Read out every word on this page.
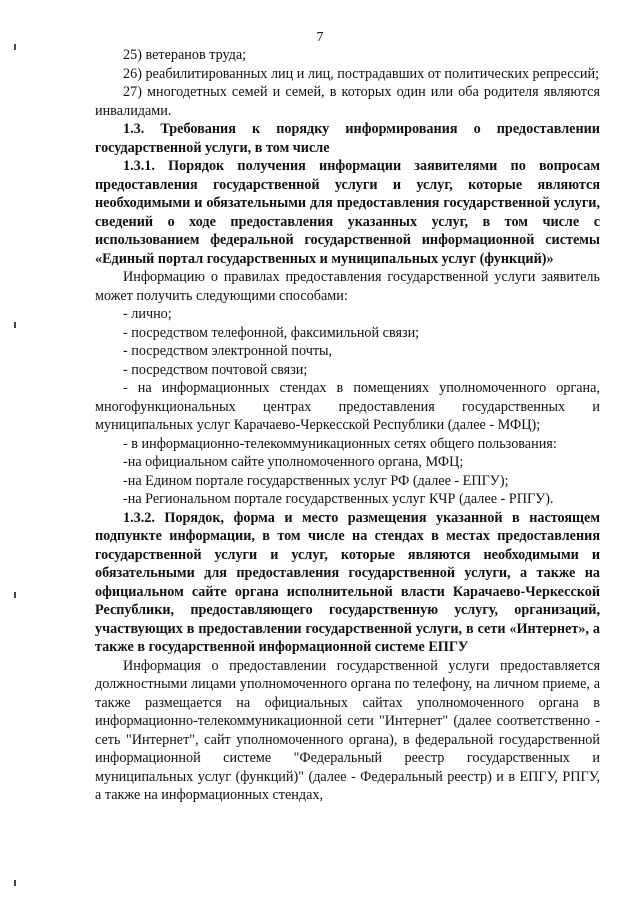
7

25) ветеранов труда;

26) реабилитированных лиц и лиц, пострадавших от политических репрессий;

27) многодетных семей и семей, в которых один или оба родителя являются инвалидами.

1.3. Требования к порядку информирования о предоставлении государственной услуги, в том числе

1.3.1. Порядок получения информации заявителями по вопросам предоставления государственной услуги и услуг, которые являются необходимыми и обязательными для предоставления государственной услуги, сведений о ходе предоставления указанных услуг, в том числе с использованием федеральной государственной информационной системы «Единый портал государственных и муниципальных услуг (функций)»

Информацию о правилах предоставления государственной услуги заявитель может получить следующими способами:

- лично;

- посредством телефонной, факсимильной связи;

- посредством электронной почты,

- посредством почтовой связи;

- на информационных стендах в помещениях уполномоченного органа, многофункциональных центрах предоставления государственных и муниципальных услуг Карачаево-Черкесской Республики (далее - МФЦ);

- в информационно-телекоммуникационных сетях общего пользования:

-на официальном сайте уполномоченного органа, МФЦ;

-на Едином портале государственных услуг РФ (далее - ЕПГУ);

-на Региональном портале государственных услуг КЧР (далее - РПГУ).

1.3.2. Порядок, форма и место размещения указанной в настоящем подпункте информации, в том числе на стендах в местах предоставления государственной услуги и услуг, которые являются необходимыми и обязательными для предоставления государственной услуги, а также на официальном сайте органа исполнительной власти Карачаево-Черкесской Республики, предоставляющего государственную услугу, организаций, участвующих в предоставлении государственной услуги, в сети «Интернет», а также в государственной информационной системе ЕПГУ

Информация о предоставлении государственной услуги предоставляется должностными лицами уполномоченного органа по телефону, на личном приеме, а также размещается на официальных сайтах уполномоченного органа в информационно-телекоммуникационной сети "Интернет" (далее соответственно - сеть "Интернет", сайт уполномоченного органа), в федеральной государственной информационной системе "Федеральный реестр государственных и муниципальных услуг (функций)" (далее - Федеральный реестр) и в ЕПГУ, РПГУ, а также на информационных стендах,
